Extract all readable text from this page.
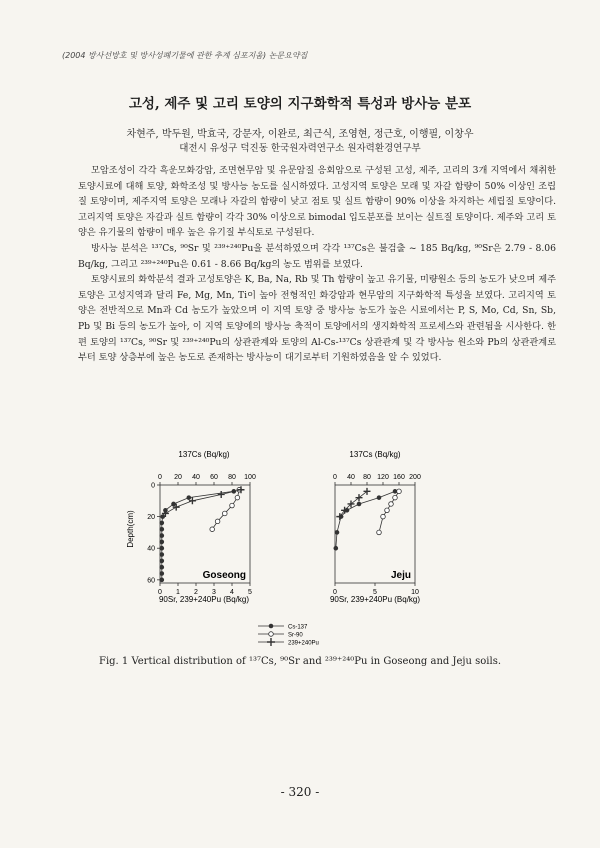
(2004 방사선방호 및 방사성폐기물에 관한 추계 심포지움) 논문요약집
고성, 제주 및 고리 토양의 지구화학적 특성과 방사능 분포
차현주, 박두원, 박효국, 강문자, 이완로, 최근식, 조영현, 정근호, 이행필, 이창우
대전시 유성구 덕진동 한국원자력연구소 원자력환경연구부

모암조성이 각각 흑운모화강암, 조면현무암 및 유문암질 응회암으로 구성된 고성, 제주, 고리의 3개 지역에서 채취한 토양시료에 대해 토양, 화학조성 및 방사능 농도를 실시하였다. 고성지역 토양은 모래 및 자갈 함량이 50% 이상인 조립질 토양이며, 제주지역 토양은 모래나 자갈의 함량이 낮고 점토 및 실트 함량이 90% 이상을 차지하는 세립질 토양이다. 고리지역 토양은 자갈과 실트 함량이 각각 30% 이상으로 bimodal 입도분포를 보이는 실트질 토양이다. 제주와 고리 토양은 유기물의 함량이 매우 높은 유기질 부식토로 구성된다.

방사능 분석은 ¹³⁷Cs, ⁹⁰Sr 및 ²³⁹⁺²⁴⁰Pu을 분석하였으며 각각 ¹³⁷Cs은 불검출 ~ 185 Bq/kg, ⁹⁰Sr은 2.79 - 8.06 Bq/kg, 그리고 ²³⁹⁺²⁴⁰Pu은 0.61 - 8.66 Bq/kg의 농도 범위를 보였다.

토양시료의 화학분석 결과 고성토양은 K, Ba, Na, Rb 및 Th 함량이 높고 유기물, 미량원소 등의 농도가 낮으며 제주토양은 고성지역과 달리 Fe, Mg, Mn, Ti이 높아 전형적인 화강암과 현무암의 지구화학적 특성을 보였다. 고리지역 토양은 전반적으로 Mn과 Cd 농도가 높았으며 이 지역 토양 중 방사능 농도가 높은 시료에서는 P, S, Mo, Cd, Sn, Sb, Pb 및 Bi 등의 농도가 높아, 이 지역 토양에의 방사능 축적이 토양에서의 생지화학적 프로세스와 관련됨을 시사한다. 한편 토양의 ¹³⁷Cs, ⁹⁰Sr 및 ²³⁹⁺²⁴⁰Pu의 상관관계와 토양의 Al-Cs-¹³⁷Cs 상관관계 및 각 방사능 원소와 Pb의 상관관계로부터 토양 상층부에 높은 농도로 존재하는 방사능이 대기로부터 기원하였음을 알 수 있었다.

137Cs (Bq/kg)
0 20 40 60 80 100
0 1 2 3 4 5
0
20
40
60
Depth(cm)
Goseong
90Sr, 239+240Pu (Bq/kg)
137Cs (Bq/kg)
0 40 80 120 160 200
0	5	10
Jeju
90Sr, 239+240Pu (Bq/kg)
Cs-137
Sr-90
239+240Pu
Fig. 1 Vertical distribution of ¹³⁷Cs, ⁹⁰Sr and ²³⁹⁺²⁴⁰Pu in Goseong and Jeju soils.
- 320 -
